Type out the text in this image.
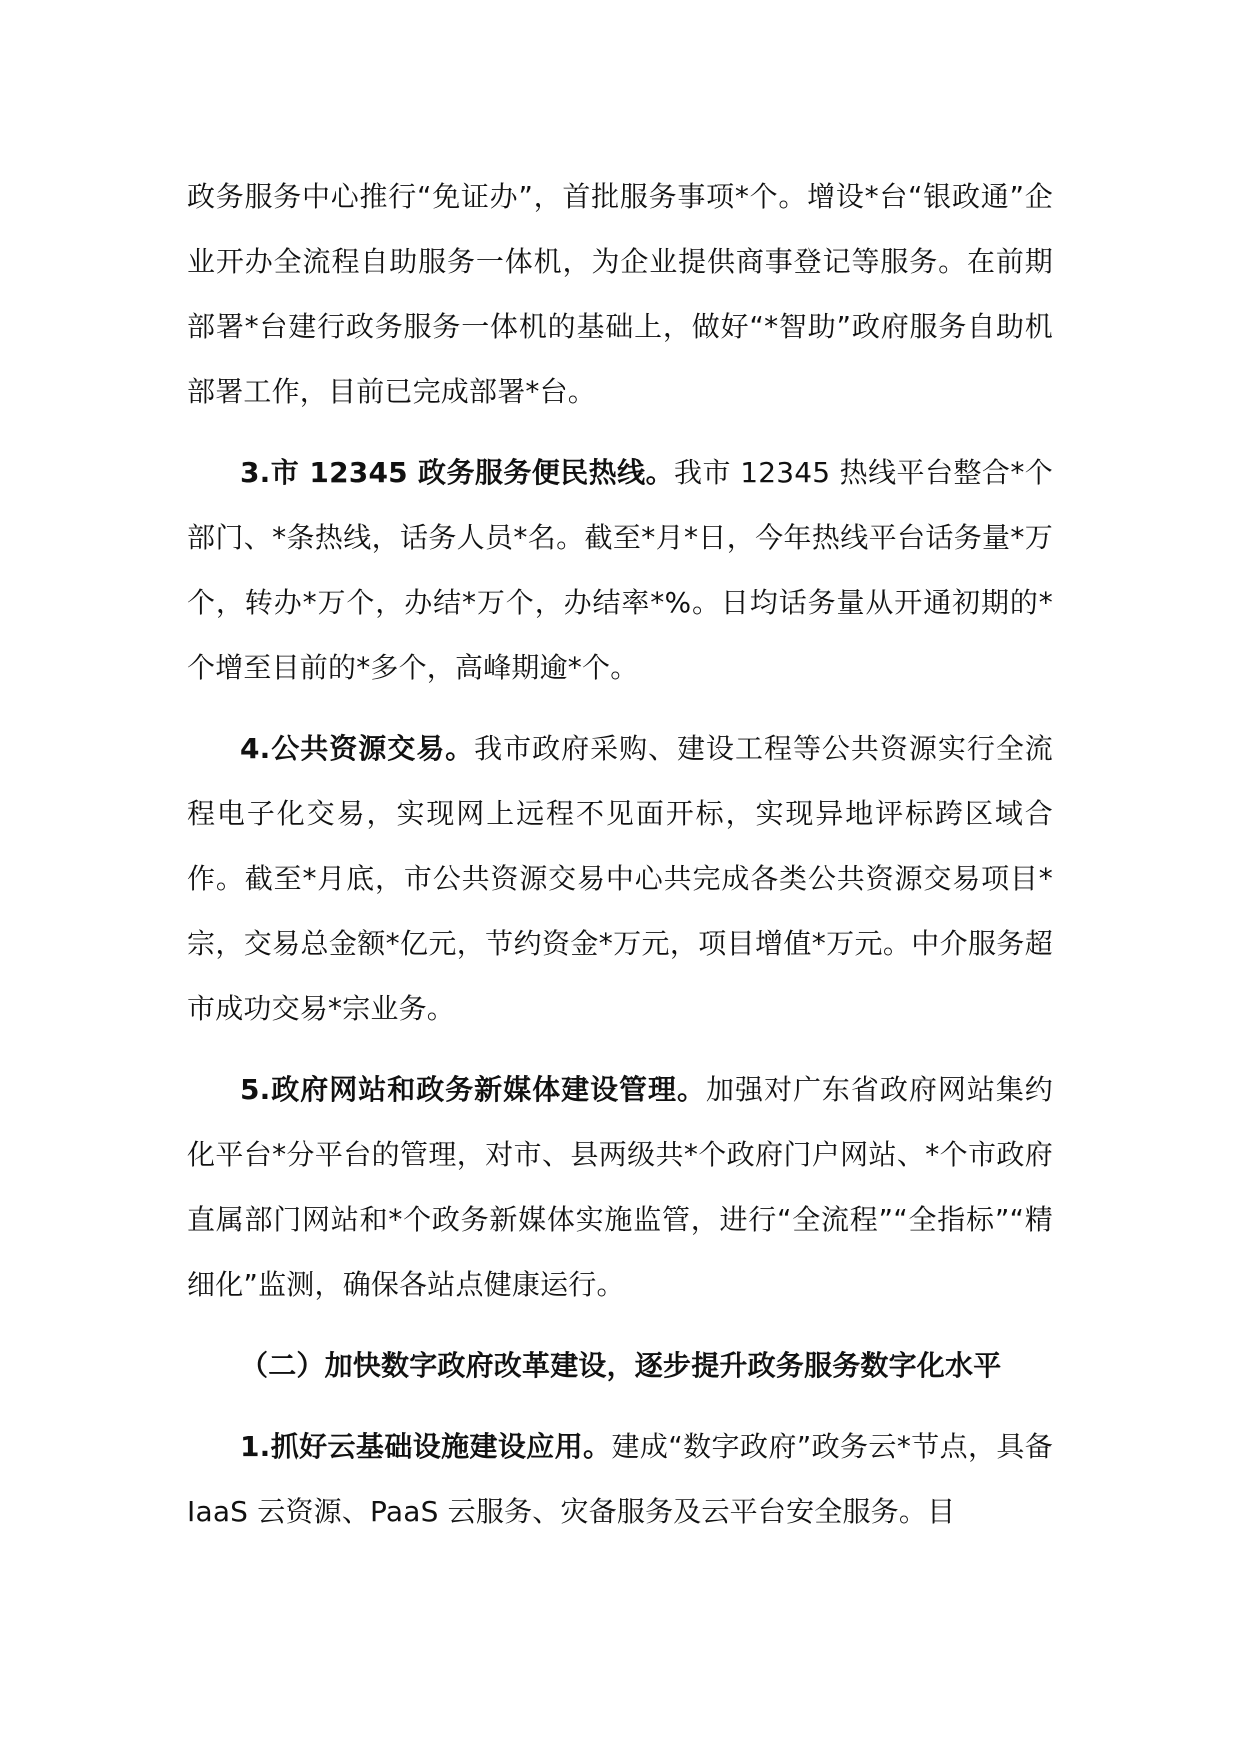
政务服务中心推行“免证办”，首批服务事项*个。增设*台“银政通”企业开办全流程自助服务一体机，为企业提供商事登记等服务。在前期部署*台建行政务服务一体机的基础上，做好“*智助”政府服务自助机部署工作，目前已完成部署*台。

3.市 12345 政务服务便民热线。我市 12345 热线平台整合*个部门、*条热线，话务人员*名。截至*月*日，今年热线平台话务量*万个，转办*万个，办结*万个，办结率*%。日均话务量从开通初期的*个增至目前的*多个，高峰期逾*个。

4.公共资源交易。我市政府采购、建设工程等公共资源实行全流程电子化交易，实现网上远程不见面开标，实现异地评标跨区域合作。截至*月底，市公共资源交易中心共完成各类公共资源交易项目*宗，交易总金额*亿元，节约资金*万元，项目增值*万元。中介服务超市成功交易*宗业务。

5.政府网站和政务新媒体建设管理。加强对广东省政府网站集约化平台*分平台的管理，对市、县两级共*个政府门户网站、*个市政府直属部门网站和*个政务新媒体实施监管，进行“全流程”“全指标”“精细化”监测，确保各站点健康运行。

（二）加快数字政府改革建设，逐步提升政务服务数字化水平

1.抓好云基础设施建设应用。建成“数字政府”政务云*节点，具备 IaaS 云资源、PaaS 云服务、灾备服务及云平台安全服务。目
